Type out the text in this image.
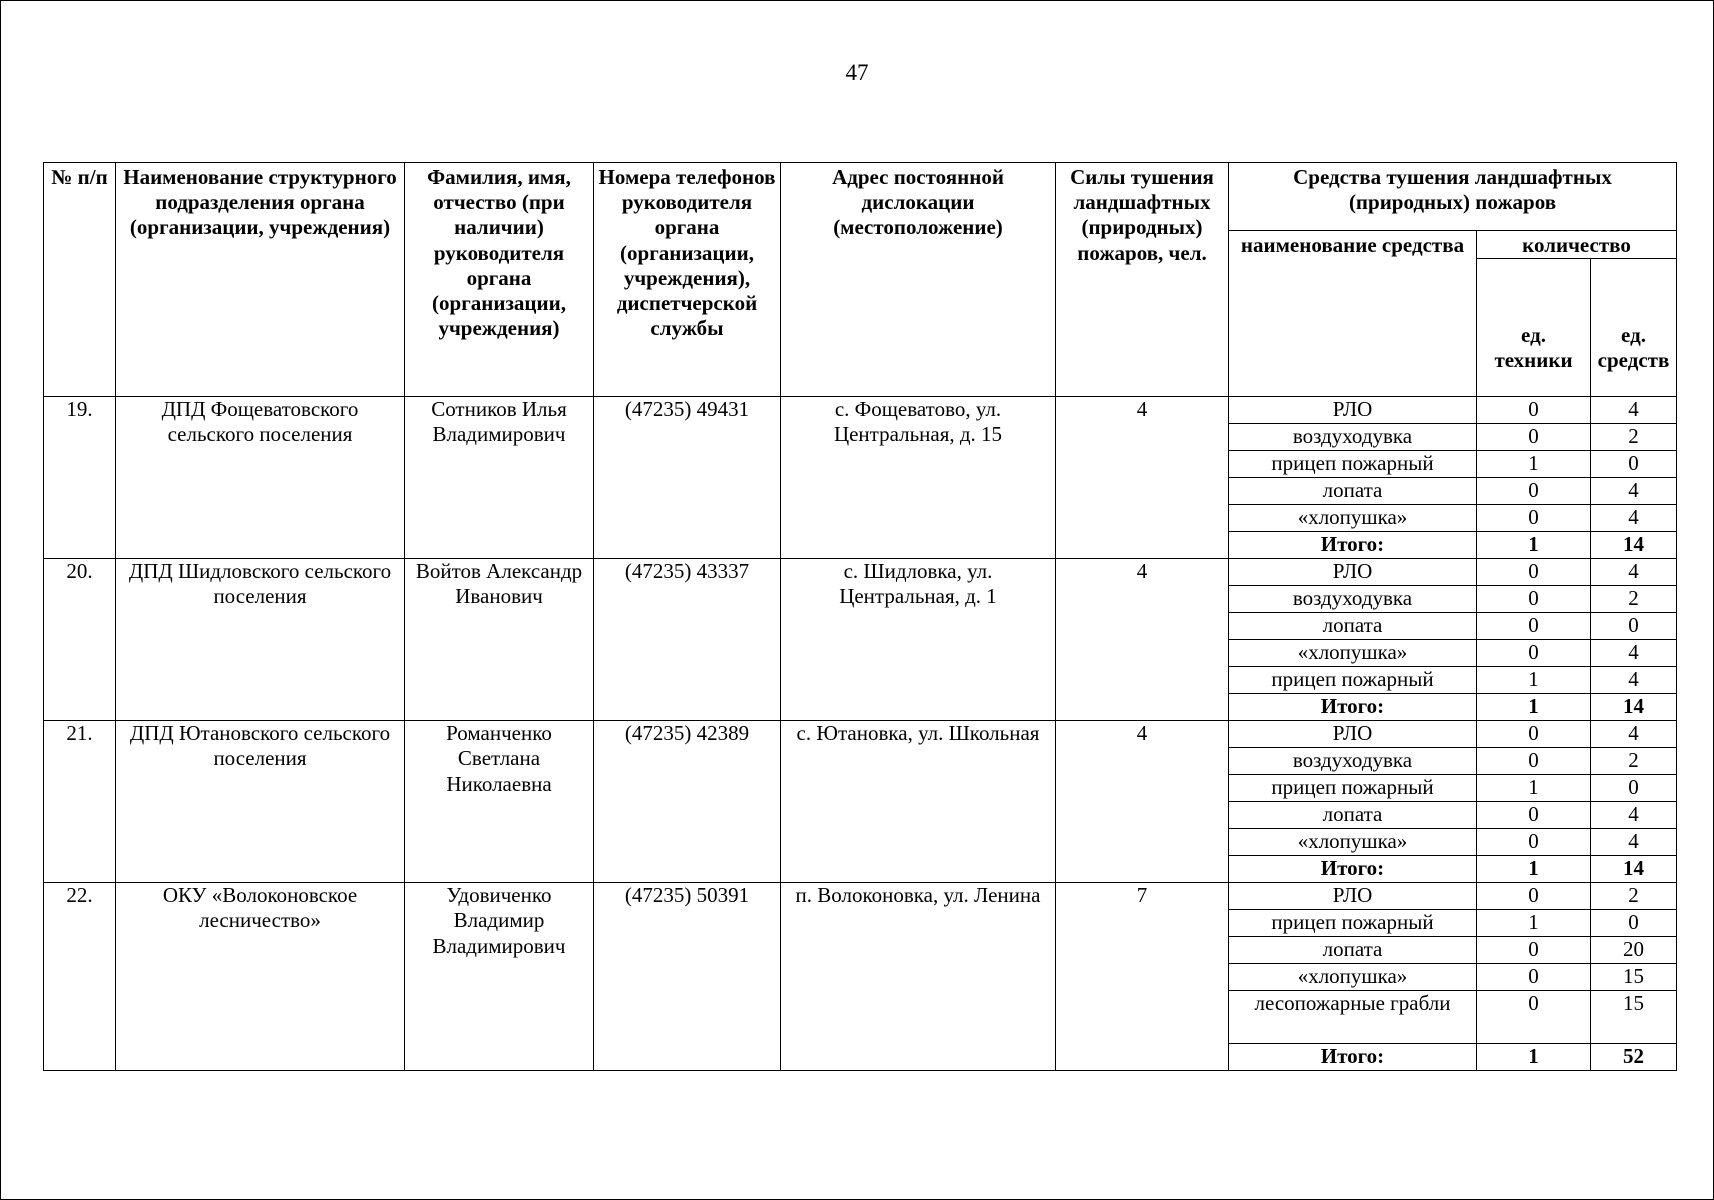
47
№ п/п	Наименование структурного подразделения органа (организации, учреждения)	Фамилия, имя, отчество (при наличии) руководителя органа (организации, учреждения)	Номера телефонов руководителя органа (организации, учреждения), диспетчерской службы	Адрес постоянной дислокации (местоположение)	Силы тушения ландшафтных (природных) пожаров, чел.	Средства тушения ландшафтных (природных) пожаров		
						наименование средства	количество	
							ед. техники	ед. средств
19.	ДПД Фощеватовского сельского поселения	Сотников Илья Владимирович	(47235) 49431	с. Фощеватово, ул. Центральная, д. 15	4	РЛО	0	4
						воздуходувка	0	2
						прицеп пожарный	1	0
						лопата	0	4
						«хлопушка»	0	4
						Итого:	1	14
20.	ДПД Шидловского сельского поселения	Войтов Александр Иванович	(47235) 43337	с. Шидловка, ул. Центральная, д. 1	4	РЛО	0	4
						воздуходувка	0	2
						лопата	0	0
						«хлопушка»	0	4
						прицеп пожарный	1	4
						Итого:	1	14
21.	ДПД Ютановского сельского поселения	Романченко Светлана Николаевна	(47235) 42389	с. Ютановка, ул. Школьная	4	РЛО	0	4
						воздуходувка	0	2
						прицеп пожарный	1	0
						лопата	0	4
						«хлопушка»	0	4
						Итого:	1	14
22.	ОКУ «Волоконовское лесничество»	Удовиченко Владимир Владимирович	(47235) 50391	п. Волоконовка, ул. Ленина	7	РЛО	0	2
						прицеп пожарный	1	0
						лопата	0	20
						«хлопушка»	0	15
						лесопожарные грабли	0	15
						Итого:	1	52
